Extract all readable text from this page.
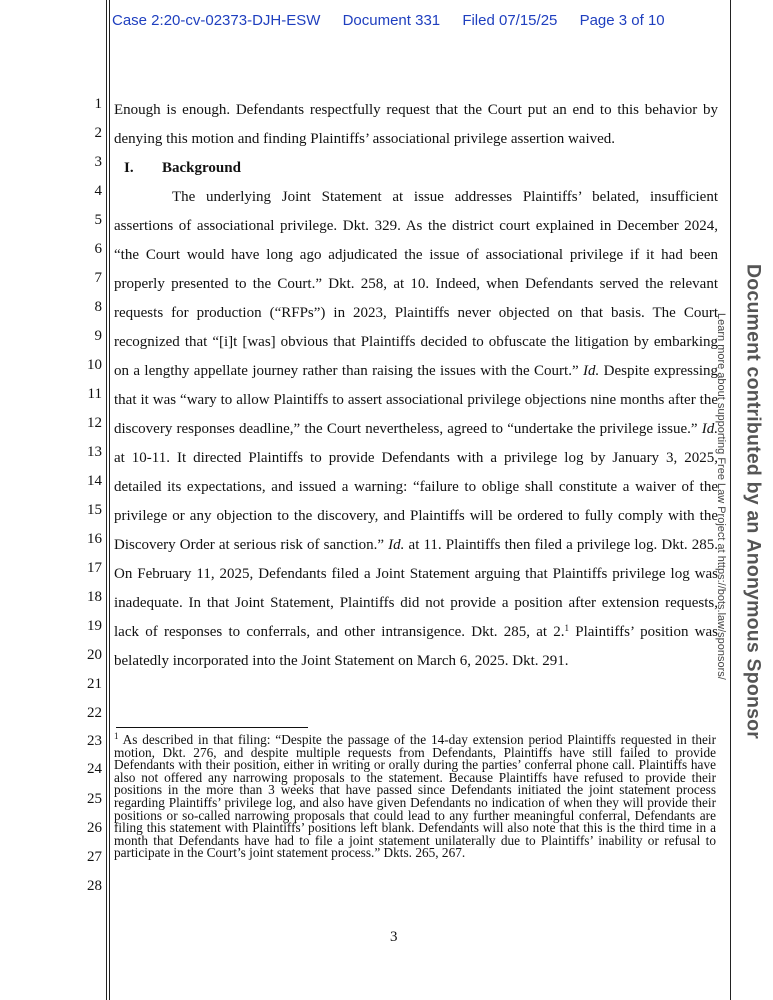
Case 2:20-cv-02373-DJH-ESW Document 331 Filed 07/15/25 Page 3 of 10
1
2
3
4
5
6
7
8
9
10
11
12
13
14
15
16
17
18
19
20
21
22
23
24
25
26
27
28

Enough is enough. Defendants respectfully request that the Court put an end to this behavior by denying this motion and finding Plaintiffs’ associational privilege assertion waived.

I. Background

The underlying Joint Statement at issue addresses Plaintiffs’ belated, insufficient assertions of associational privilege. Dkt. 329. As the district court explained in December 2024, “the Court would have long ago adjudicated the issue of associational privilege if it had been properly presented to the Court.” Dkt. 258, at 10. Indeed, when Defendants served the relevant requests for production (“RFPs”) in 2023, Plaintiffs never objected on that basis. The Court recognized that “[i]t [was] obvious that Plaintiffs decided to obfuscate the litigation by embarking on a lengthy appellate journey rather than raising the issues with the Court.” Id. Despite expressing that it was “wary to allow Plaintiffs to assert associational privilege objections nine months after the discovery responses deadline,” the Court nevertheless, agreed to “undertake the privilege issue.” Id. at 10-11. It directed Plaintiffs to provide Defendants with a privilege log by January 3, 2025, detailed its expectations, and issued a warning: “failure to oblige shall constitute a waiver of the privilege or any objection to the discovery, and Plaintiffs will be ordered to fully comply with the Discovery Order at serious risk of sanction.” Id. at 11. Plaintiffs then filed a privilege log. Dkt. 285. On February 11, 2025, Defendants filed a Joint Statement arguing that Plaintiffs privilege log was inadequate. In that Joint Statement, Plaintiffs did not provide a position after extension requests, lack of responses to conferrals, and other intransigence. Dkt. 285, at 2.$^1$ Plaintiffs’ position was belatedly incorporated into the Joint Statement on March 6, 2025. Dkt. 291.

$^1$ As described in that filing: “Despite the passage of the 14-day extension period Plaintiffs requested in their motion, Dkt. 276, and despite multiple requests from Defendants, Plaintiffs have still failed to provide Defendants with their position, either in writing or orally during the parties’ conferral phone call. Plaintiffs have also not offered any narrowing proposals to the statement. Because Plaintiffs have refused to provide their positions in the more than 3 weeks that have passed since Defendants initiated the joint statement process regarding Plaintiffs’ privilege log, and also have given Defendants no indication of when they will provide their positions or so-called narrowing proposals that could lead to any further meaningful conferral, Defendants are filing this statement with Plaintiffs’ positions left blank. Defendants will also note that this is the third time in a month that Defendants have had to file a joint statement unilaterally due to Plaintiffs’ inability or refusal to participate in the Court’s joint statement process.” Dkts. 265, 267.
3
Document contributed by an Anonymous Sponsor
Learn more about supporting Free Law Project at https://bots.law/sponsors/
